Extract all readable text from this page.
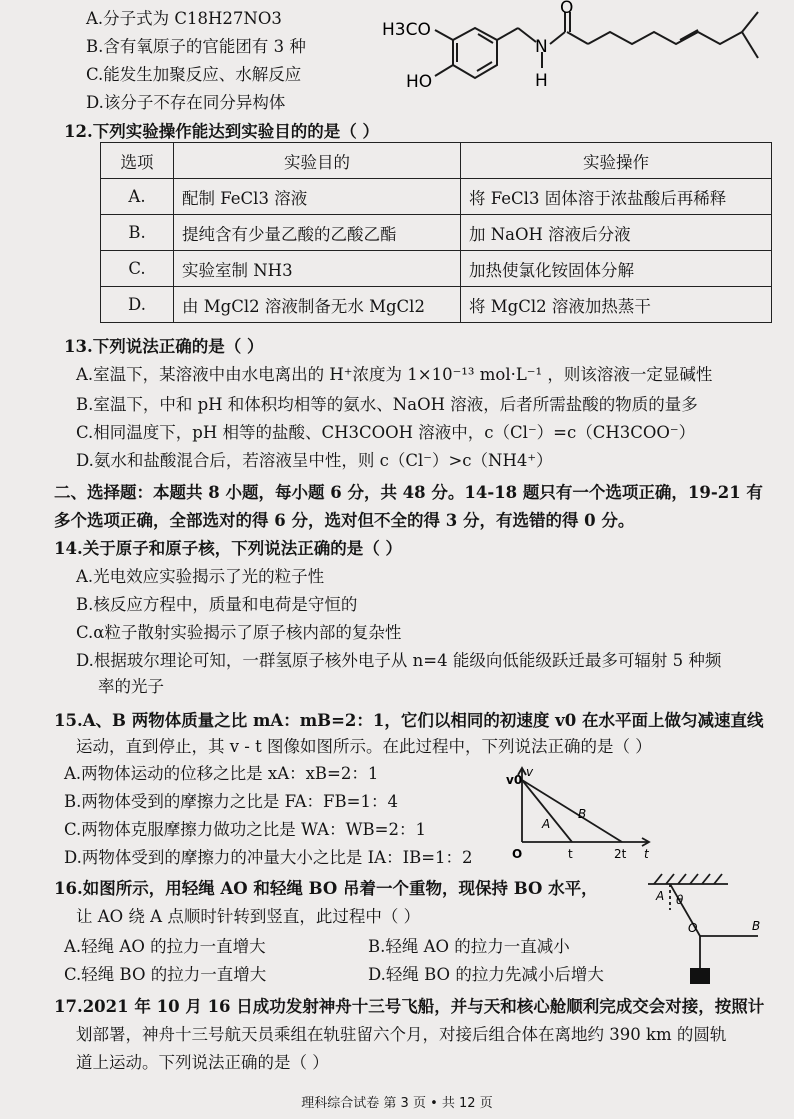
A.分子式为 C18H27NO3
B.含有氧原子的官能团有 3 种
C.能发生加聚反应、水解反应
D.该分子不存在同分异构体
H3CO
HO
N
H
O
12.下列实验操作能达到实验目的的是（ ）
选项	实验目的	实验操作
A.	配制 FeCl3 溶液	将 FeCl3 固体溶于浓盐酸后再稀释
B.	提纯含有少量乙酸的乙酸乙酯	加 NaOH 溶液后分液
C.	实验室制 NH3	加热使氯化铵固体分解
D.	由 MgCl2 溶液制备无水 MgCl2	将 MgCl2 溶液加热蒸干
13.下列说法正确的是（ ）
A.室温下，某溶液中由水电离出的 H⁺浓度为 1×10⁻¹³ mol·L⁻¹ ，则该溶液一定显碱性
B.室温下，中和 pH 和体积均相等的氨水、NaOH 溶液，后者所需盐酸的物质的量多
C.相同温度下，pH 相等的盐酸、CH3COOH 溶液中，c（Cl⁻）=c（CH3COO⁻）
D.氨水和盐酸混合后，若溶液呈中性，则 c（Cl⁻）>c（NH4⁺）
二、选择题：本题共 8 小题，每小题 6 分，共 48 分。14-18 题只有一个选项正确，19-21 有
多个选项正确，全部选对的得 6 分，选对但不全的得 3 分，有选错的得 0 分。
14.关于原子和原子核，下列说法正确的是（ ）
A.光电效应实验揭示了光的粒子性
B.核反应方程中，质量和电荷是守恒的
C.α粒子散射实验揭示了原子核内部的复杂性
D.根据玻尔理论可知，一群氢原子核外电子从 n=4 能级向低能级跃迁最多可辐射 5 种频
率的光子
15.A、B 两物体质量之比 mA：mB=2：1，它们以相同的初速度 v0 在水平面上做匀减速直线
运动，直到停止，其 v - t 图像如图所示。在此过程中，下列说法正确的是（ ）
A.两物体运动的位移之比是 xA：xB=2：1
B.两物体受到的摩擦力之比是 FA：FB=1：4
C.两物体克服摩擦力做功之比是 WA：WB=2：1
D.两物体受到的摩擦力的冲量大小之比是 IA：IB=1：2
v0
v
O	t	2t t
A
B
16.如图所示，用轻绳 AO 和轻绳 BO 吊着一个重物，现保持 BO 水平，
让 AO 绕 A 点顺时针转到竖直，此过程中（ ）
A.轻绳 AO 的拉力一直增大	B.轻绳 AO 的拉力一直减小
C.轻绳 BO 的拉力一直增大	D.轻绳 BO 的拉力先减小后增大
A θ
O	B
17.2021 年 10 月 16 日成功发射神舟十三号飞船，并与天和核心舱顺利完成交会对接，按照计
划部署，神舟十三号航天员乘组在轨驻留六个月，对接后组合体在离地约 390 km 的圆轨
道上运动。下列说法正确的是（ ）
理科综合试卷 第 3 页 • 共 12 页
